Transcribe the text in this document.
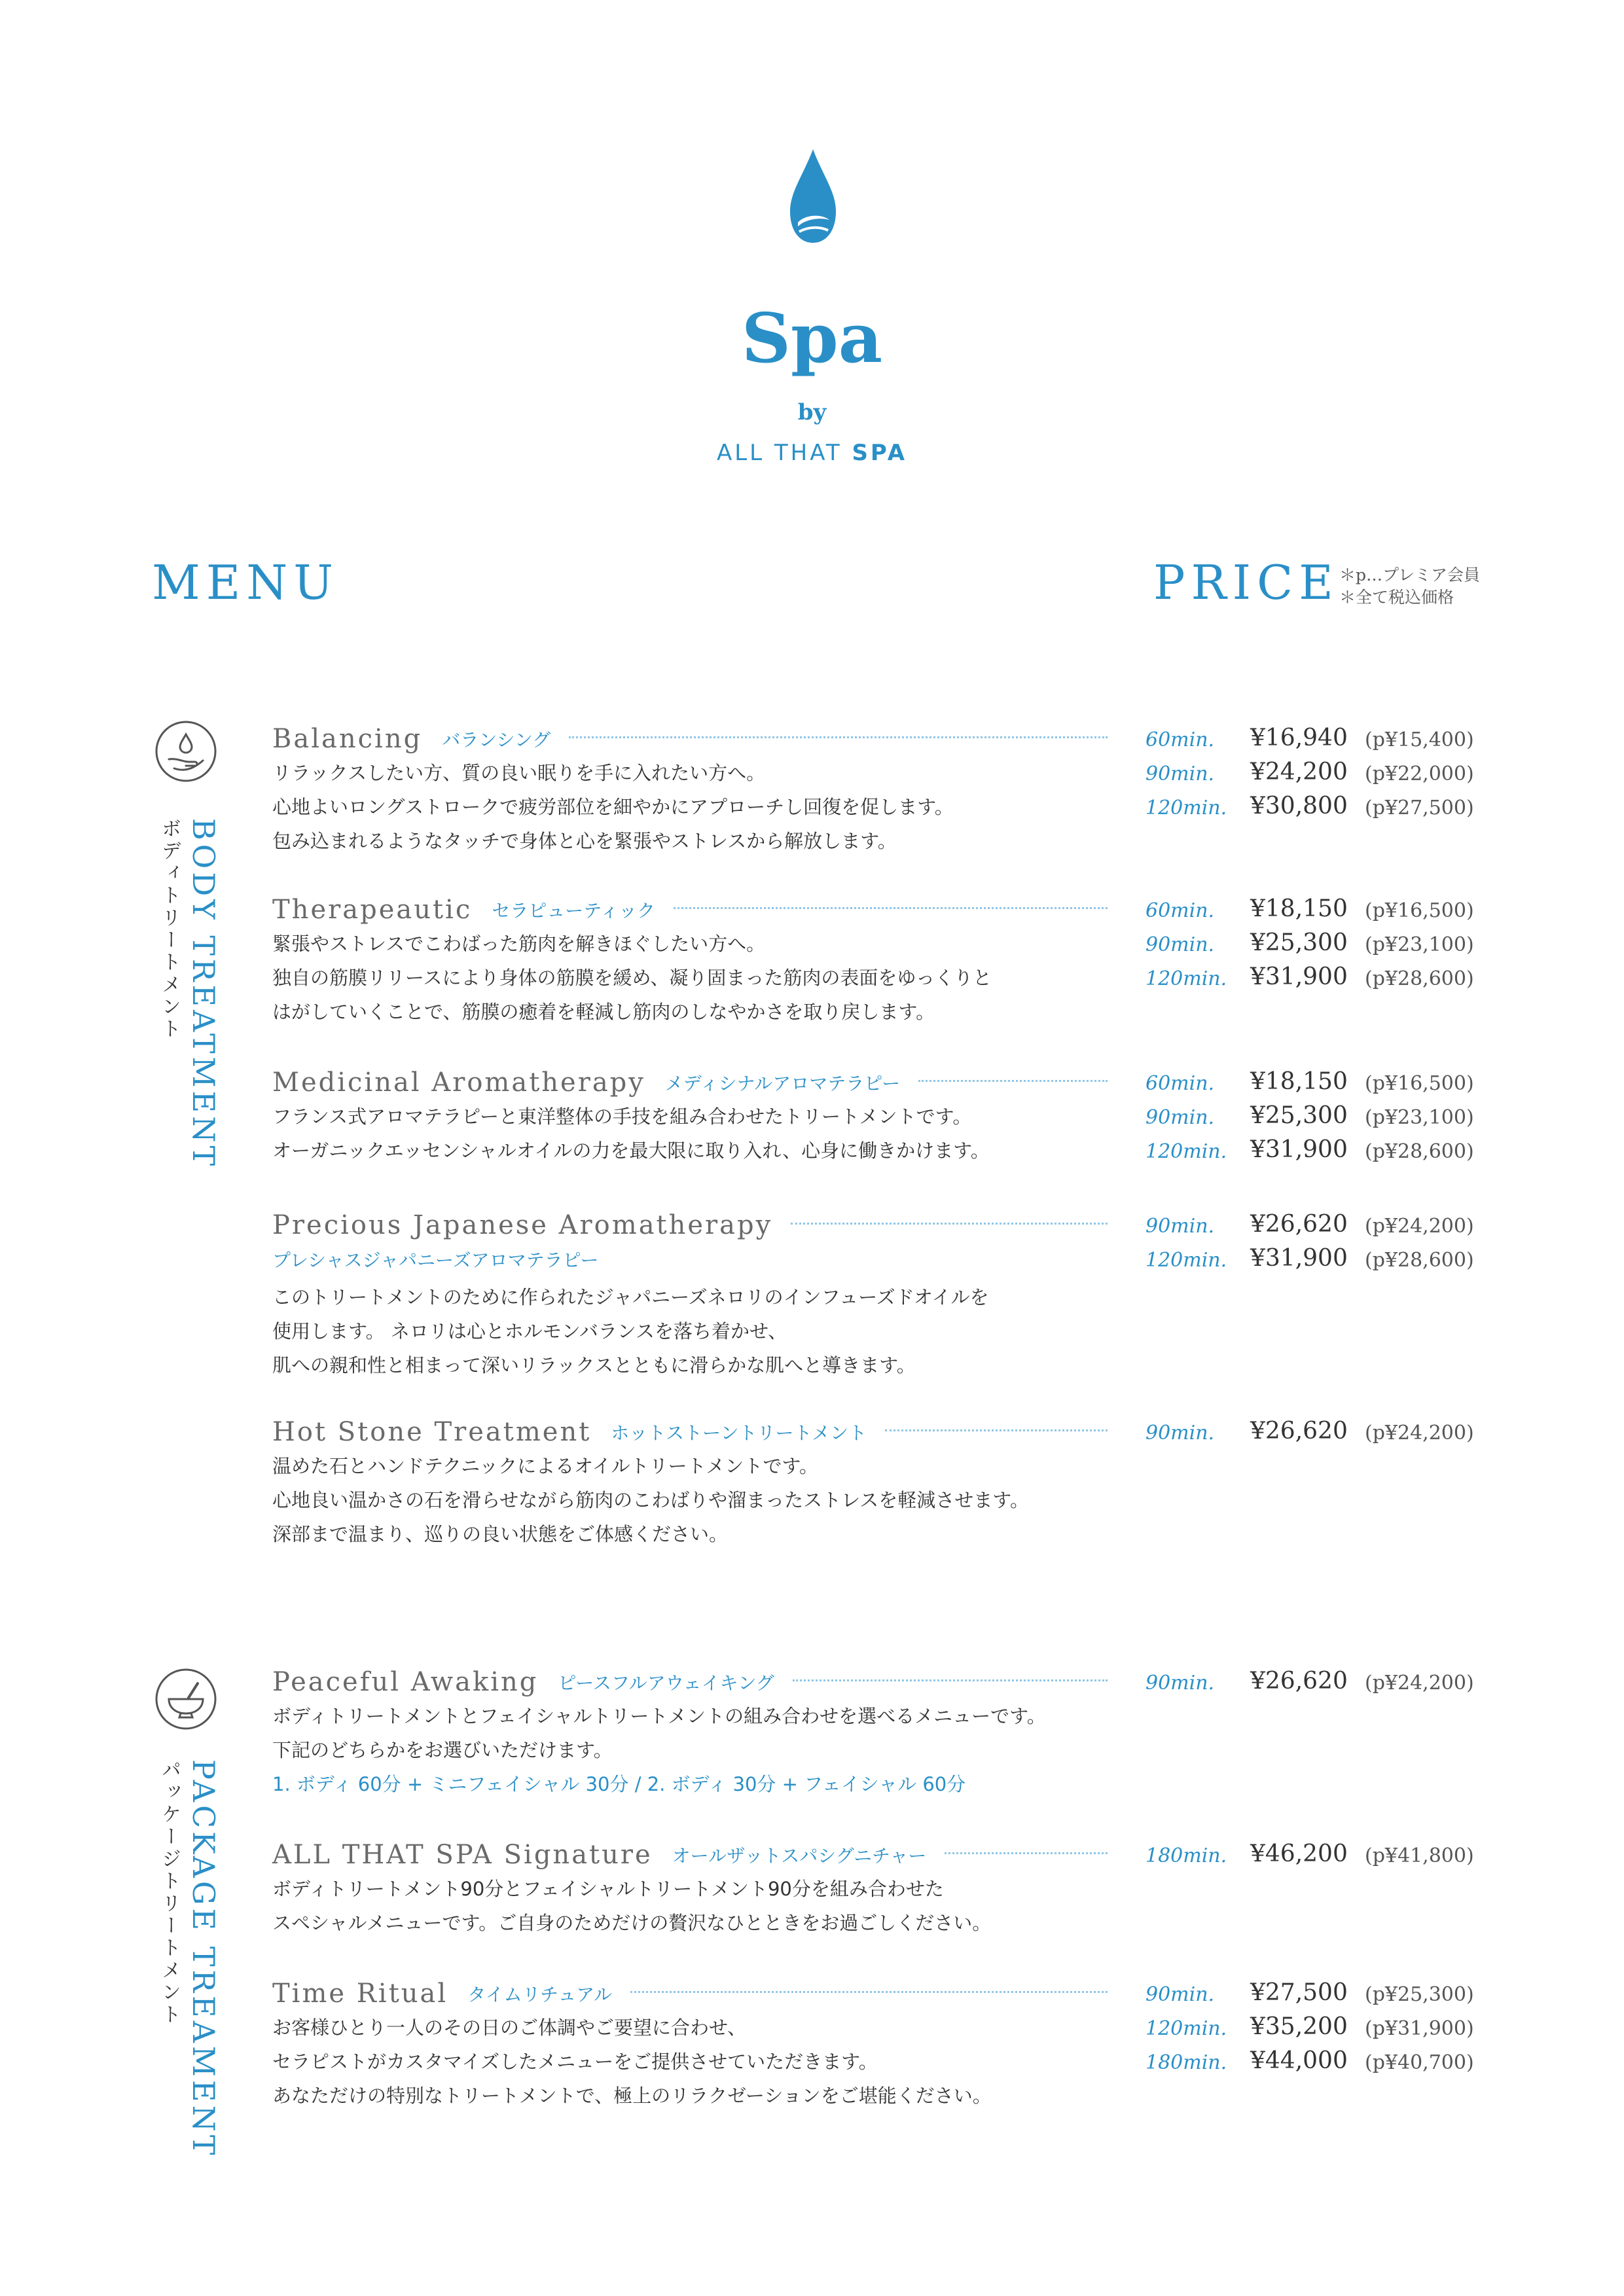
Spa
by
ALL THAT SPA
MENU	PRICE ＊p…プレミア会員
＊全て税込価格
BODY TREATMENT
ボディトリートメント
PACKAGE TREAMENT
パッケージトリートメント
Balancing バランシング
リラックスしたい方、質の良い眠りを手に入れたい方へ。
心地よいロングストロークで疲労部位を細やかにアプローチし回復を促します。
包み込まれるようなタッチで身体と心を緊張やストレスから解放します。
60min. ¥16,940 (p¥15,400)
90min. ¥24,200 (p¥22,000)
120min. ¥30,800 (p¥27,500)
Therapeautic セラピューティック
緊張やストレスでこわばった筋肉を解きほぐしたい方へ。
独自の筋膜リリースにより身体の筋膜を緩め、凝り固まった筋肉の表面をゆっくりと
はがしていくことで、筋膜の癒着を軽減し筋肉のしなやかさを取り戻します。
60min. ¥18,150 (p¥16,500)
90min. ¥25,300 (p¥23,100)
120min. ¥31,900 (p¥28,600)
Medicinal Aromatherapy メディシナルアロマテラピー
フランス式アロマテラピーと東洋整体の手技を組み合わせたトリートメントです。
オーガニックエッセンシャルオイルの力を最大限に取り入れ、心身に働きかけます。
60min. ¥18,150 (p¥16,500)
90min. ¥25,300 (p¥23,100)
120min. ¥31,900 (p¥28,600)
Precious Japanese Aromatherapy
プレシャスジャパニーズアロマテラピー
このトリートメントのために作られたジャパニーズネロリのインフューズドオイルを
使用します。 ネロリは心とホルモンバランスを落ち着かせ、
肌への親和性と相まって深いリラックスとともに滑らかな肌へと導きます。
90min. ¥26,620 (p¥24,200)
120min. ¥31,900 (p¥28,600)
Hot Stone Treatment ホットストーントリートメント
温めた石とハンドテクニックによるオイルトリートメントです。
心地良い温かさの石を滑らせながら筋肉のこわばりや溜まったストレスを軽減させます。
深部まで温まり、巡りの良い状態をご体感ください。
90min. ¥26,620 (p¥24,200)
Peaceful Awaking ピースフルアウェイキング
ボディトリートメントとフェイシャルトリートメントの組み合わせを選べるメニューです。
下記のどちらかをお選びいただけます。
1. ボディ 60分 + ミニフェイシャル 30分 / 2. ボディ 30分 + フェイシャル 60分
90min. ¥26,620 (p¥24,200)
ALL THAT SPA Signature オールザットスパシグニチャー
ボディトリートメント90分とフェイシャルトリートメント90分を組み合わせた
スペシャルメニューです。ご自身のためだけの贅沢なひとときをお過ごしください。
180min. ¥46,200 (p¥41,800)
Time Ritual タイムリチュアル
お客様ひとり一人のその日のご体調やご要望に合わせ、
セラピストがカスタマイズしたメニューをご提供させていただきます。
あなただけの特別なトリートメントで、極上のリラクゼーションをご堪能ください。
90min. ¥27,500 (p¥25,300)
120min. ¥35,200 (p¥31,900)
180min. ¥44,000 (p¥40,700)
